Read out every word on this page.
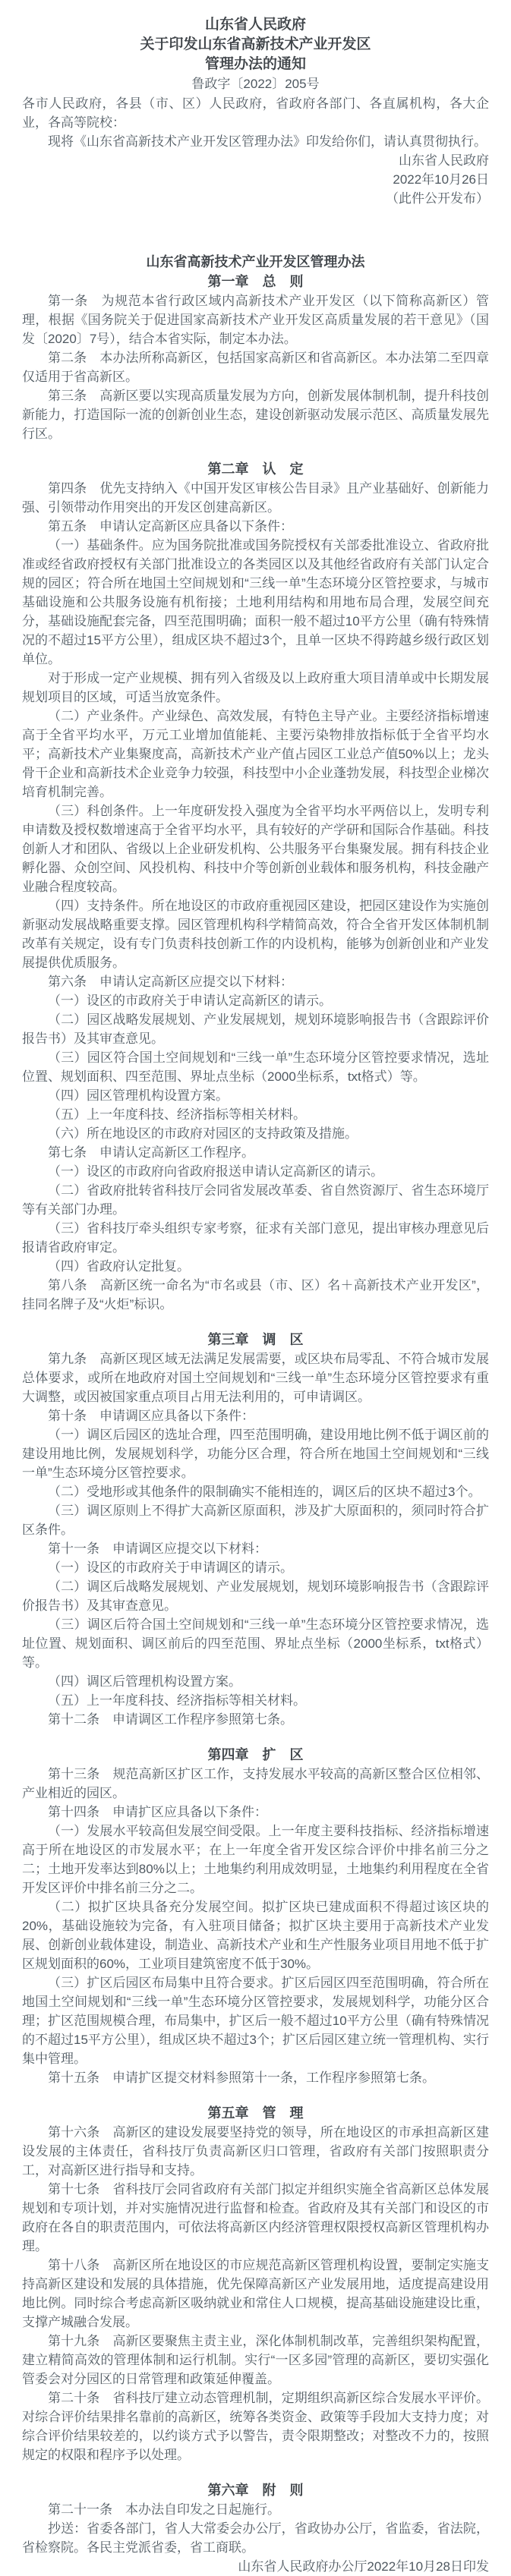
山东省人民政府
关于印发山东省高新技术产业开发区
管理办法的通知

鲁政字〔2022〕205号

各市人民政府，各县（市、区）人民政府，省政府各部门、各直属机构，各大企业，各高等院校：

现将《山东省高新技术产业开发区管理办法》印发给你们，请认真贯彻执行。

山东省人民政府

2022年10月26日

（此件公开发布）

山东省高新技术产业开发区管理办法
第一章　总　则

第一条　为规范本省行政区域内高新技术产业开发区（以下简称高新区）管理，根据《国务院关于促进国家高新技术产业开发区高质量发展的若干意见》（国发〔2020〕7号），结合本省实际，制定本办法。

第二条　本办法所称高新区，包括国家高新区和省高新区。本办法第二至四章仅适用于省高新区。

第三条　高新区要以实现高质量发展为方向，创新发展体制机制，提升科技创新能力，打造国际一流的创新创业生态，建设创新驱动发展示范区、高质量发展先行区。

第二章　认　定

第四条　优先支持纳入《中国开发区审核公告目录》且产业基础好、创新能力强、引领带动作用突出的开发区创建高新区。

第五条　申请认定高新区应具备以下条件：

（一）基础条件。应为国务院批准或国务院授权有关部委批准设立、省政府批准或经省政府授权有关部门批准设立的各类园区以及其他经省政府有关部门认定合规的园区；符合所在地国土空间规划和“三线一单”生态环境分区管控要求，与城市基础设施和公共服务设施有机衔接；土地利用结构和用地布局合理，发展空间充分，基础设施配套完备，四至范围明确；面积一般不超过10平方公里（确有特殊情况的不超过15平方公里），组成区块不超过3个，且单一区块不得跨越乡级行政区划单位。

对于形成一定产业规模、拥有列入省级及以上政府重大项目清单或中长期发展规划项目的区域，可适当放宽条件。

（二）产业条件。产业绿色、高效发展，有特色主导产业。主要经济指标增速高于全省平均水平，万元工业增加值能耗、主要污染物排放指标低于全省平均水平；高新技术产业集聚度高，高新技术产业产值占园区工业总产值50%以上；龙头骨干企业和高新技术企业竞争力较强，科技型中小企业蓬勃发展，科技型企业梯次培育机制完善。

（三）科创条件。上一年度研发投入强度为全省平均水平两倍以上，发明专利申请数及授权数增速高于全省平均水平，具有较好的产学研和国际合作基础。科技创新人才和团队、省级以上企业研发机构、公共服务平台集聚发展。拥有科技企业孵化器、众创空间、风投机构、科技中介等创新创业载体和服务机构，科技金融产业融合程度较高。

（四）支持条件。所在地设区的市政府重视园区建设，把园区建设作为实施创新驱动发展战略重要支撑。园区管理机构科学精简高效，符合全省开发区体制机制改革有关规定，设有专门负责科技创新工作的内设机构，能够为创新创业和产业发展提供优质服务。

第六条　申请认定高新区应提交以下材料：

（一）设区的市政府关于申请认定高新区的请示。

（二）园区战略发展规划、产业发展规划，规划环境影响报告书（含跟踪评价报告书）及其审查意见。

（三）园区符合国土空间规划和“三线一单”生态环境分区管控要求情况，选址位置、规划面积、四至范围、界址点坐标（2000坐标系，txt格式）等。

（四）园区管理机构设置方案。

（五）上一年度科技、经济指标等相关材料。

（六）所在地设区的市政府对园区的支持政策及措施。

第七条　申请认定高新区工作程序。

（一）设区的市政府向省政府报送申请认定高新区的请示。

（二）省政府批转省科技厅会同省发展改革委、省自然资源厅、省生态环境厅等有关部门办理。

（三）省科技厅牵头组织专家考察，征求有关部门意见，提出审核办理意见后报请省政府审定。

（四）省政府认定批复。

第八条　高新区统一命名为“市名或县（市、区）名＋高新技术产业开发区”，挂同名牌子及“火炬”标识。

第三章　调　区

第九条　高新区现区域无法满足发展需要，或区块布局零乱、不符合城市发展总体要求，或所在地政府对国土空间规划和“三线一单”生态环境分区管控要求有重大调整，或因被国家重点项目占用无法利用的，可申请调区。

第十条　申请调区应具备以下条件：

（一）调区后园区的选址合理，四至范围明确，建设用地比例不低于调区前的建设用地比例，发展规划科学，功能分区合理，符合所在地国土空间规划和“三线一单”生态环境分区管控要求。

（二）受地形或其他条件的限制确实不能相连的，调区后的区块不超过3个。

（三）调区原则上不得扩大高新区原面积，涉及扩大原面积的，须同时符合扩区条件。

第十一条　申请调区应提交以下材料：

（一）设区的市政府关于申请调区的请示。

（二）调区后战略发展规划、产业发展规划，规划环境影响报告书（含跟踪评价报告书）及其审查意见。

（三）调区后符合国土空间规划和“三线一单”生态环境分区管控要求情况，选址位置、规划面积、调区前后的四至范围、界址点坐标（2000坐标系，txt格式）等。

（四）调区后管理机构设置方案。

（五）上一年度科技、经济指标等相关材料。

第十二条　申请调区工作程序参照第七条。

第四章　扩　区

第十三条　规范高新区扩区工作，支持发展水平较高的高新区整合区位相邻、产业相近的园区。

第十四条　申请扩区应具备以下条件：

（一）发展水平较高但发展空间受限。上一年度主要科技指标、经济指标增速高于所在地设区的市发展水平；在上一年度全省开发区综合评价中排名前三分之二；土地开发率达到80%以上；土地集约利用成效明显，土地集约利用程度在全省开发区评价中排名前三分之二。

（二）拟扩区块具备充分发展空间。拟扩区块已建成面积不得超过该区块的20%，基础设施较为完备，有入驻项目储备；拟扩区块主要用于高新技术产业发展、创新创业载体建设，制造业、高新技术产业和生产性服务业项目用地不低于扩区规划面积的60%，工业项目建筑密度不低于30%。

（三）扩区后园区布局集中且符合要求。扩区后园区四至范围明确，符合所在地国土空间规划和“三线一单”生态环境分区管控要求，发展规划科学，功能分区合理；扩区范围规模合理，布局集中，扩区后一般不超过10平方公里（确有特殊情况的不超过15平方公里），组成区块不超过3个；扩区后园区建立统一管理机构、实行集中管理。

第十五条　申请扩区提交材料参照第十一条，工作程序参照第七条。

第五章　管　理

第十六条　高新区的建设发展要坚持党的领导，所在地设区的市承担高新区建设发展的主体责任，省科技厅负责高新区归口管理，省政府有关部门按照职责分工，对高新区进行指导和支持。

第十七条　省科技厅会同省政府有关部门拟定并组织实施全省高新区总体发展规划和专项计划，并对实施情况进行监督和检查。省政府及其有关部门和设区的市政府在各自的职责范围内，可依法将高新区内经济管理权限授权高新区管理机构办理。

第十八条　高新区所在地设区的市应规范高新区管理机构设置，要制定实施支持高新区建设和发展的具体措施，优先保障高新区产业发展用地，适度提高建设用地比例。同时综合考虑高新区吸纳就业和常住人口规模，提高基础设施建设比重，支撑产城融合发展。

第十九条　高新区要聚焦主责主业，深化体制机制改革，完善组织架构配置，建立精简高效的管理体制和运行机制。实行“一区多园”管理的高新区，要切实强化管委会对分园区的日常管理和政策延伸覆盖。

第二十条　省科技厅建立动态管理机制，定期组织高新区综合发展水平评价。对综合评价结果排名靠前的高新区，统筹各类资金、政策等手段加大支持力度；对综合评价结果较差的，以约谈方式予以警告，责令限期整改；对整改不力的，按照规定的权限和程序予以处理。

第六章　附　则

第二十一条　本办法自印发之日起施行。

抄送：省委各部门，省人大常委会办公厅，省政协办公厅，省监委，省法院，省检察院。各民主党派省委，省工商联。

山东省人民政府办公厅2022年10月28日印发
